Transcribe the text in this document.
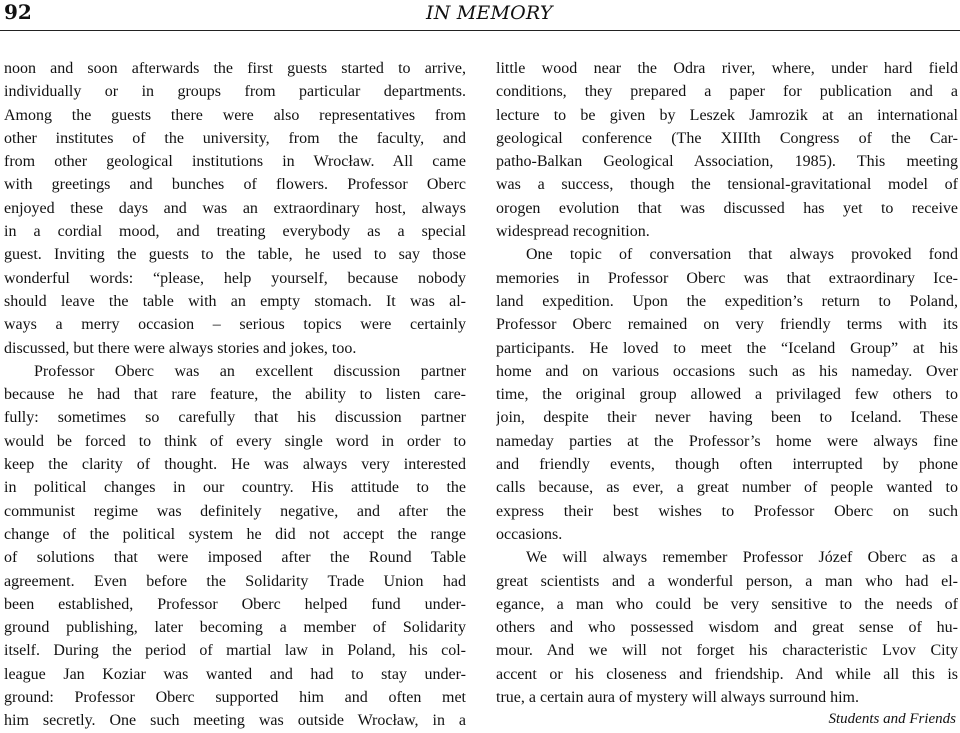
92	IN MEMORY
noon and soon afterwards the first guests started to arrive,
individually or in groups from particular departments.
Among the guests there were also representatives from
other institutes of the university, from the faculty, and
from other geological institutions in Wrocław. All came
with greetings and bunches of flowers. Professor Oberc
enjoyed these days and was an extraordinary host, always
in a cordial mood, and treating everybody as a special
guest. Inviting the guests to the table, he used to say those
wonderful words: “please, help yourself, because nobody
should leave the table with an empty stomach. It was al-
ways a merry occasion – serious topics were certainly
discussed, but there were always stories and jokes, too.
Professor Oberc was an excellent discussion partner
because he had that rare feature, the ability to listen care-
fully: sometimes so carefully that his discussion partner
would be forced to think of every single word in order to
keep the clarity of thought. He was always very interested
in political changes in our country. His attitude to the
communist regime was definitely negative, and after the
change of the political system he did not accept the range
of solutions that were imposed after the Round Table
agreement. Even before the Solidarity Trade Union had
been established, Professor Oberc helped fund under-
ground publishing, later becoming a member of Solidarity
itself. During the period of martial law in Poland, his col-
league Jan Koziar was wanted and had to stay under-
ground: Professor Oberc supported him and often met
him secretly. One such meeting was outside Wrocław, in a
little wood near the Odra river, where, under hard field
conditions, they prepared a paper for publication and a
lecture to be given by Leszek Jamrozik at an international
geological conference (The XIIIth Congress of the Car-
patho-Balkan Geological Association, 1985). This meeting
was a success, though the tensional-gravitational model of
orogen evolution that was discussed has yet to receive
widespread recognition.
One topic of conversation that always provoked fond
memories in Professor Oberc was that extraordinary Ice-
land expedition. Upon the expedition’s return to Poland,
Professor Oberc remained on very friendly terms with its
participants. He loved to meet the “Iceland Group” at his
home and on various occasions such as his nameday. Over
time, the original group allowed a privilaged few others to
join, despite their never having been to Iceland. These
nameday parties at the Professor’s home were always fine
and friendly events, though often interrupted by phone
calls because, as ever, a great number of people wanted to
express their best wishes to Professor Oberc on such
occasions.
We will always remember Professor Józef Oberc as a
great scientists and a wonderful person, a man who had el-
egance, a man who could be very sensitive to the needs of
others and who possessed wisdom and great sense of hu-
mour. And we will not forget his characteristic Lvov City
accent or his closeness and friendship. And while all this is
true, a certain aura of mystery will always surround him.
Students and Friends
